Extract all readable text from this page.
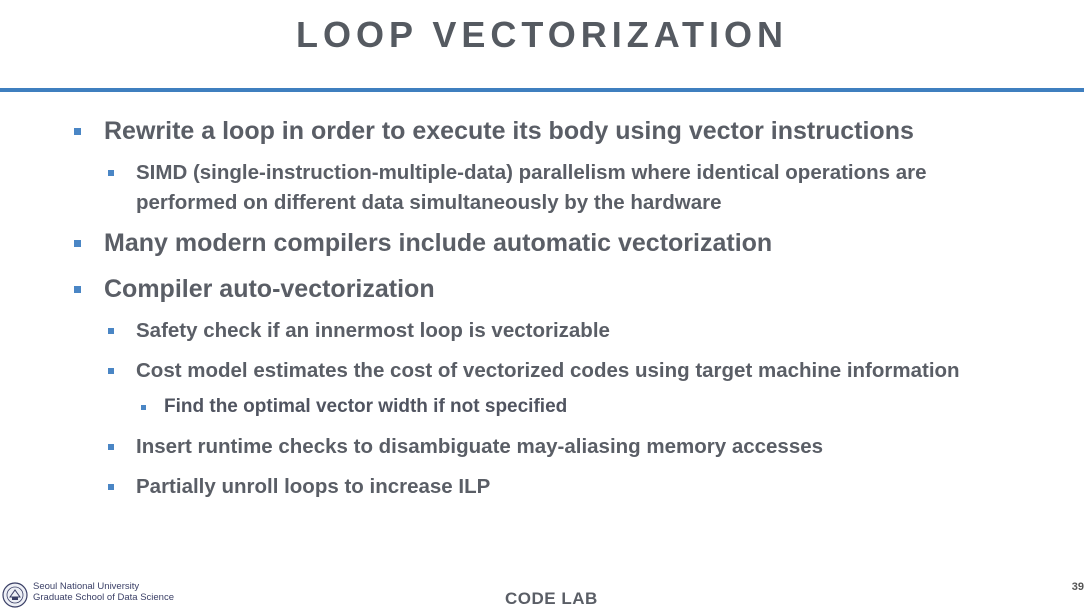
LOOP VECTORIZATION
Rewrite a loop in order to execute its body using vector instructions
SIMD (single-instruction-multiple-data) parallelism where identical operations are performed on different data simultaneously by the hardware
Many modern compilers include automatic vectorization
Compiler auto-vectorization
Safety check if an innermost loop is vectorizable
Cost model estimates the cost of vectorized codes using target machine information
Find the optimal vector width if not specified
Insert runtime checks to disambiguate may-aliasing memory accesses
Partially unroll loops to increase ILP
Seoul National University
Graduate School of Data Science	CODE LAB
39
